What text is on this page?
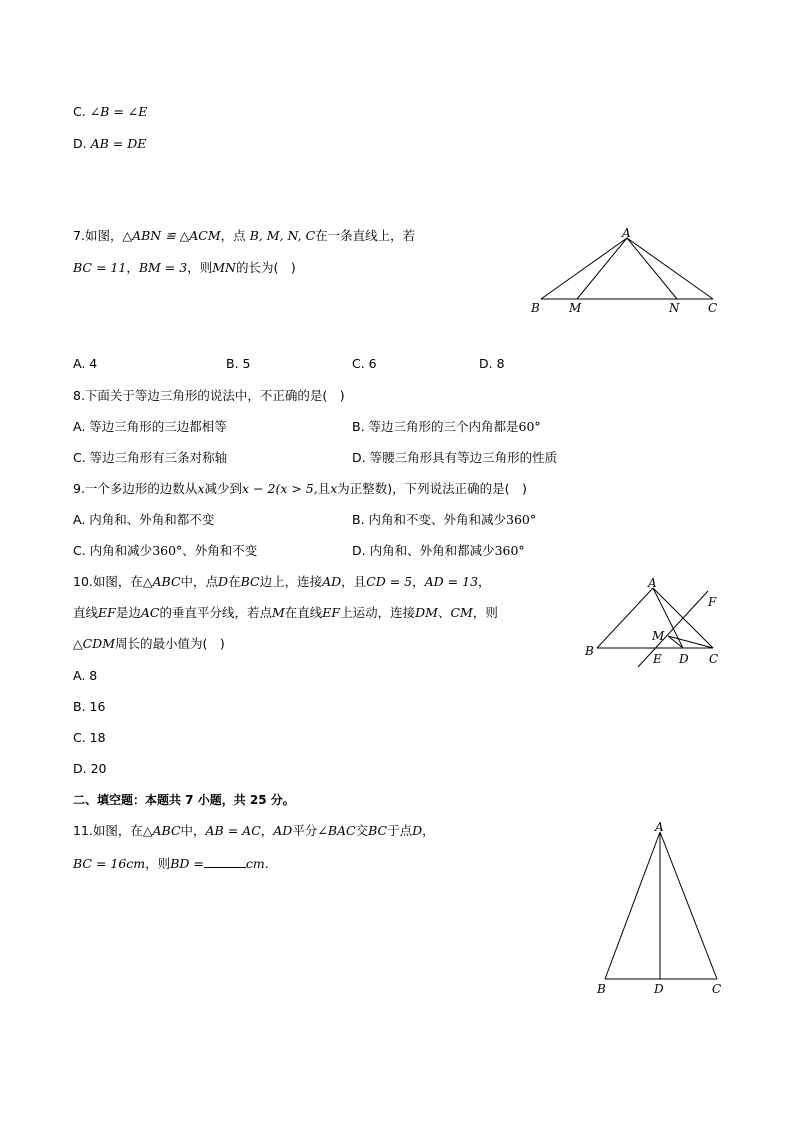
C. ∠B = ∠E
D. AB = DE
7.如图，△ABN ≌ △ACM，点 B, M, N, C在一条直线上，若
BC = 11，BM = 3，则MN的长为(　)
A
B M	N C
A. 4	B. 5	C. 6	D. 8
8.下面关于等边三角形的说法中，不正确的是(　)
A. 等边三角形的三边都相等	B. 等边三角形的三个内角都是60°
C. 等边三角形有三条对称轴	D. 等腰三角形具有等边三角形的性质
9.一个多边形的边数从x减少到x − 2(x > 5,且x为正整数)，下列说法正确的是(　)
A. 内角和、外角和都不变	B. 内角和不变、外角和减少360°
C. 内角和减少360°、外角和不变	D. 内角和、外角和都减少360°
10.如图，在△ABC中，点D在BC边上，连接AD，且CD = 5，AD = 13，
直线EF是边AC的垂直平分线，若点M在直线EF上运动，连接DM、CM，则
△CDM周长的最小值为(　)
A
F
M
B
E D C
A. 8
B. 16
C. 18
D. 20
二、填空题：本题共 7 小题，共 25 分。
11.如图，在△ABC中，AB = AC，AD平分∠BAC交BC于点D，
BC = 16cm，则BD =	cm.
A
B	D	C
